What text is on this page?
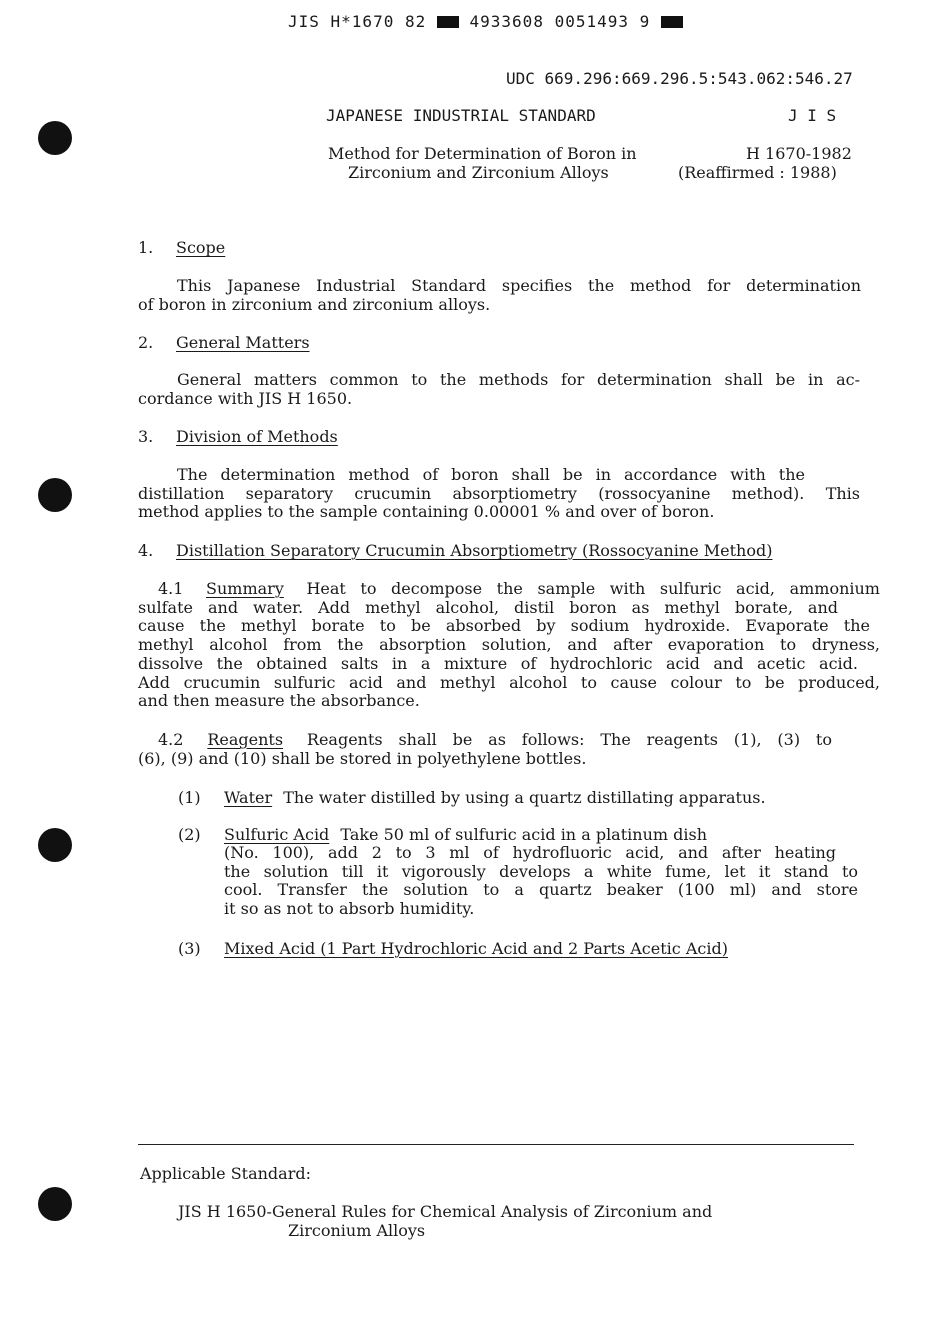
JIS H*1670 82	4933608 0051493 9
UDC 669.296:669.296.5:543.062:546.27
JAPANESE INDUSTRIAL STANDARD	J I S
Method for Determination of Boron in
Zirconium and Zirconium Alloys
H 1670-1982
(Reaffirmed : 1988)
1. Scope
This Japanese Industrial Standard specifies the method for determination
of boron in zirconium and zirconium alloys.
2. General Matters
General matters common to the methods for determination shall be in ac-
cordance with JIS H 1650.
3. Division of Methods
The determination method of boron shall be in accordance with the
distillation separatory crucumin absorptiometry (rossocyanine method). This
method applies to the sample containing 0.00001 % and over of boron.
4. Distillation Separatory Crucumin Absorptiometry (Rossocyanine Method)
4.1 Summary Heat to decompose the sample with sulfuric acid, ammonium
sulfate and water. Add methyl alcohol, distil boron as methyl borate, and
cause the methyl borate to be absorbed by sodium hydroxide. Evaporate the
methyl alcohol from the absorption solution, and after evaporation to dryness,
dissolve the obtained salts in a mixture of hydrochloric acid and acetic acid.
Add crucumin sulfuric acid and methyl alcohol to cause colour to be produced,
and then measure the absorbance.
4.2 Reagents Reagents shall be as follows: The reagents (1), (3) to
(6), (9) and (10) shall be stored in polyethylene bottles.
(1) Water The water distilled by using a quartz distillating apparatus.
(2) Sulfuric Acid Take 50 ml of sulfuric acid in a platinum dish
(No. 100), add 2 to 3 ml of hydrofluoric acid, and after heating
the solution till it vigorously develops a white fume, let it stand to
cool. Transfer the solution to a quartz beaker (100 ml) and store
it so as not to absorb humidity.
(3) Mixed Acid (1 Part Hydrochloric Acid and 2 Parts Acetic Acid)
Applicable Standard:
JIS H 1650-General Rules for Chemical Analysis of Zirconium and
Zirconium Alloys
